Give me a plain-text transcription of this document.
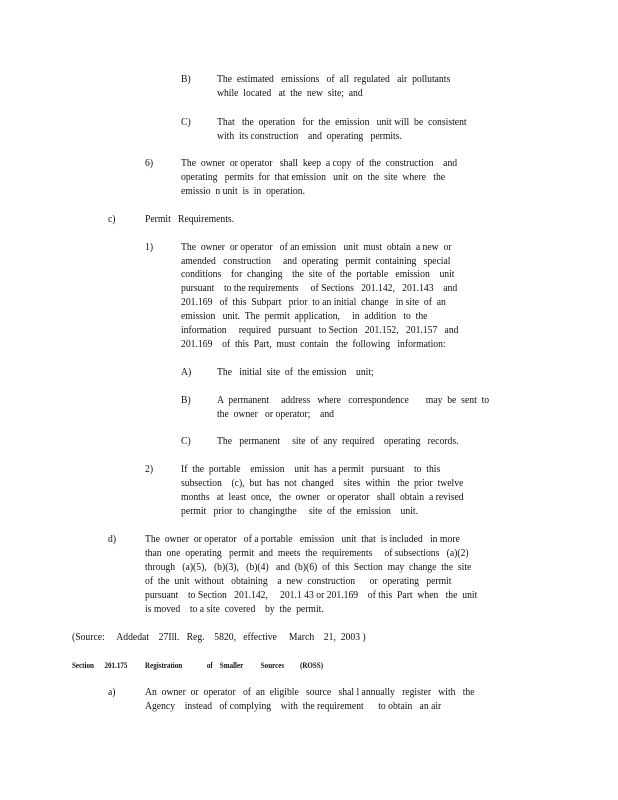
B)	The  estimated   emissions   of  all  regulated   air  pollutants
while  located   at  the  new  site;  and
C)	That   the  operation   for  the  emission   unit will  be  consistent
with  its construction    and  operating   permits.
6)	The  owner  or operator   shall  keep  a copy  of  the  construction    and
operating   permits  for  that emission   unit  on  the  site  where   the
emissio  n unit  is  in  operation.
c)	Permit   Requirements.
1)	The  owner  or operator   of an emission   unit  must  obtain  a new  or
amended   construction     and  operating   permit  containing   special
conditions    for  changing    the  site  of  the  portable   emission    unit
pursuant    to the requirements     of Sections   201.142,   201.143    and
201.169   of  this  Subpart   prior  to an initial  change   in site  of  an
emission   unit.  The  permit  application,     in  addition   to  the
information     required   pursuant   to Section   201.152,   201.157   and
201.169    of  this  Part,  must  contain   the  following   information:
A) The   initial  site  of  the emission    unit;
B)	A  permanent     address   where   correspondence       may  be  sent  to
the  owner   or operator;    and
C)	The   permanent     site  of  any  required    operating   records.
2)	If  the  portable    emission    unit  has  a permit   pursuant    to  this
subsection    (c),  but  has  not  changed    sites  within   the  prior  twelve
months   at  least  once,   the  owner   or operator   shall  obtain  a revised
permit   prior  to  changingthe     site  of  the  emission    unit.
d)	The  owner  or operator   of a portable   emission   unit  that  is included   in more
than  one  operating   permit  and  meets  the  requirements     of subsections   (a)(2)
through   (a)(5),   (b)(3),   (b)(4)   and  (b)(6)  of  this  Section  may  change  the  site
of  the  unit  without   obtaining    a  new  construction      or  operating   permit
pursuant    to Section   201.142,     201.1 43 or 201.169    of this  Part  when   the  unit
is moved    to a site  covered    by  the  permit.
(Source:     Addedat    27Ill.   Reg.    5820,   effective     March    21,  2003 )
Section      201.175          Registration              of    Smaller          Sources         (ROSS)
a)	An  owner  or  operator   of  an  eligible   source   shal l annually   register   with   the
Agency    instead   of complying    with  the requirement      to obtain   an air
